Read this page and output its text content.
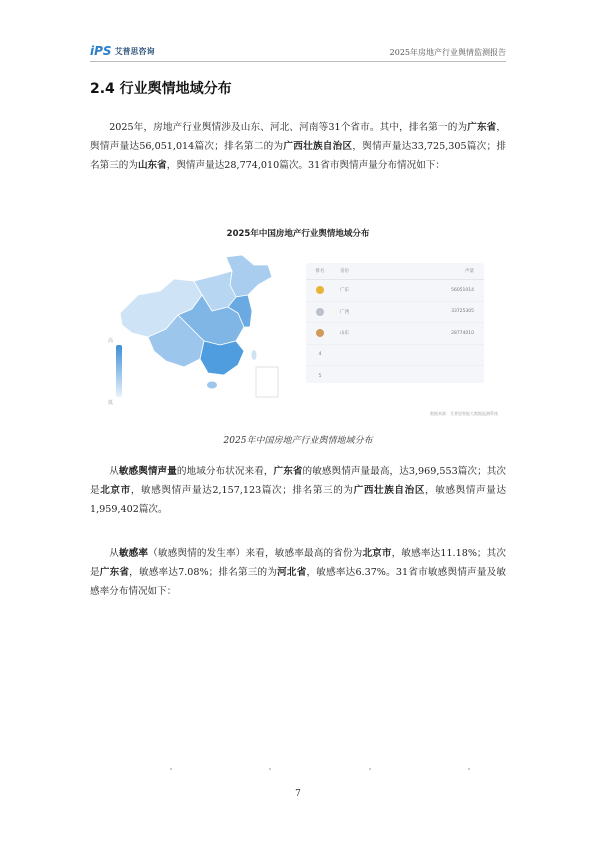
iPS 艾普思咨询	2025年房地产行业舆情监测报告
2.4 行业舆情地域分布

2025年，房地产行业舆情涉及山东、河北、河南等31个省市。其中，排名第一的为广东省，舆情声量达56,051,014篇次；排名第二的为广西壮族自治区，舆情声量达33,725,305篇次；排名第三的为山东省，舆情声量达28,774,010篇次。31省市舆情声量分布情况如下：

2025年中国房地产行业舆情地域分布
高
低
排名	省份	声量
广东	56051014
广西	33725305
山东	28774010
4
5
数据来源：艾普思智能大数据监测系统
2025年中国房地产行业舆情地域分布

从敏感舆情声量的地域分布状况来看，广东省的敏感舆情声量最高，达3,969,553篇次；其次是北京市，敏感舆情声量达2,157,123篇次；排名第三的为广西壮族自治区，敏感舆情声量达1,959,402篇次。

从敏感率（敏感舆情的发生率）来看，敏感率最高的省份为北京市，敏感率达11.18%；其次是广东省，敏感率达7.08%；排名第三的为河北省，敏感率达6.37%。31省市敏感舆情声量及敏感率分布情况如下：

7
